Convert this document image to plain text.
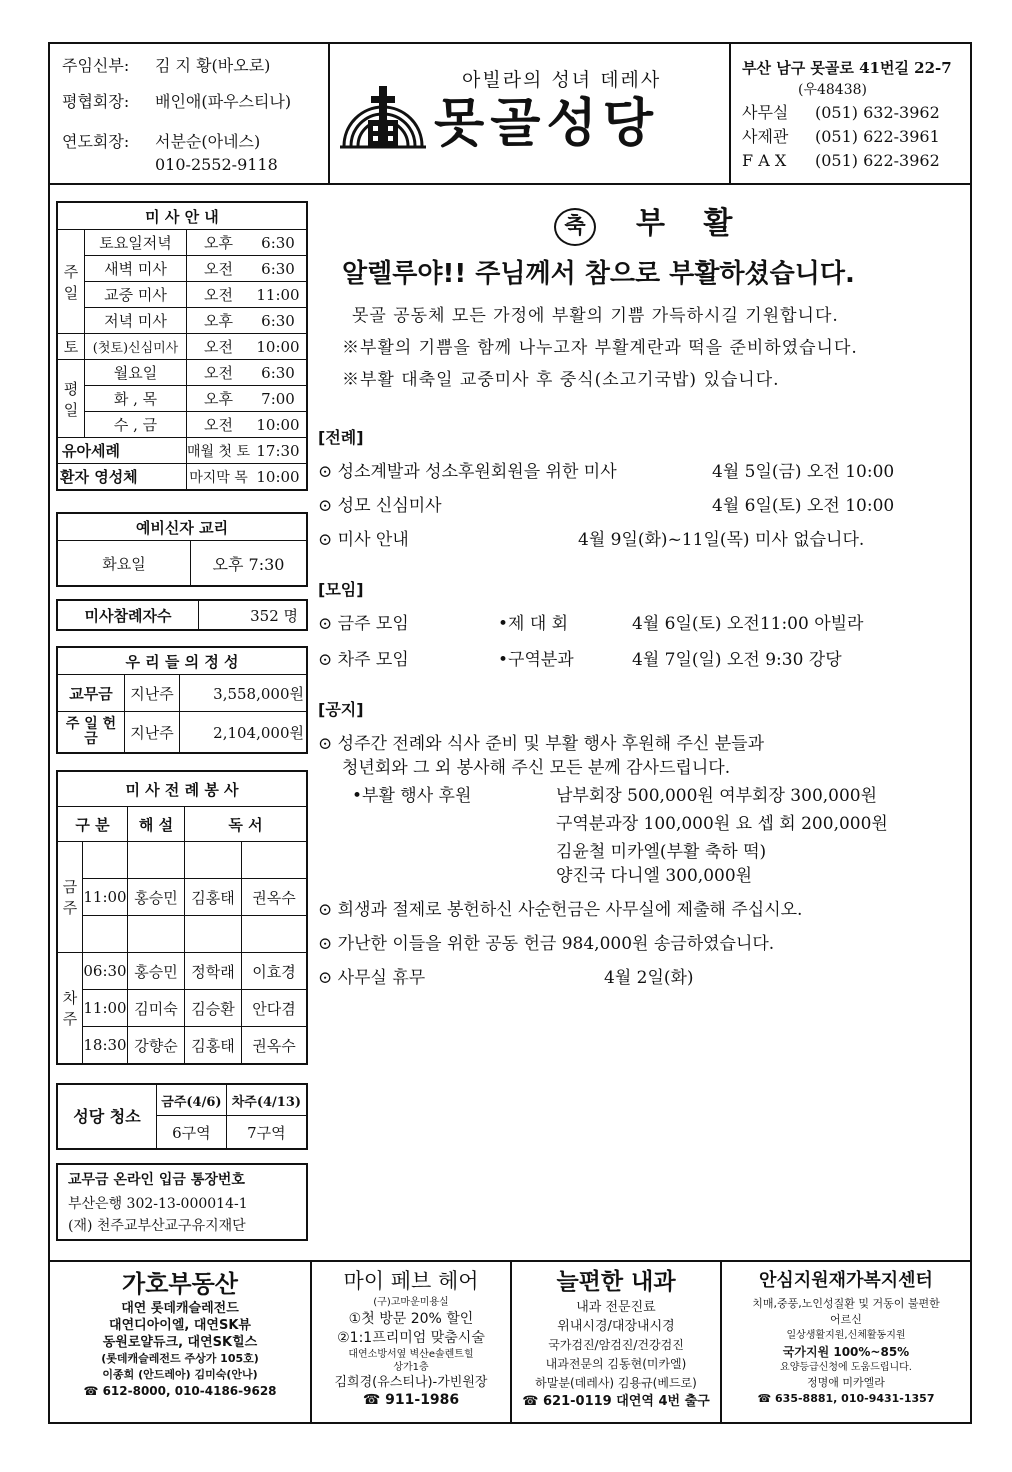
주임신부: 김 지 황(바오로)
평협회장: 배인애(파우스티나)
연도회장: 서분순(아네스)
010-2552-9118
아빌라의 성녀 데레사
못골성당
부산 남구 못골로 41번길 22-7
(우48438)
사무실 (051) 632-3962
사제관 (051) 622-3961
F A X (051) 622-3962
미 사 안 내			
주일	토요일저녁	오후	6:30
	새벽 미사	오전	6:30
	교중 미사	오전	11:00
	저녁 미사	오후	6:30
토	(첫토)신심미사	오전	10:00
평일	월요일	오전	6:30
	화 , 목	오후	7:00
	수 , 금	오전	10:00
유아세례		매월 첫 토	17:30
환자 영성체		마지막 목	10:00
예비신자 교리
화요일	오후 7:30
미사참례자수	352 명
우 리 들 의 정 성		
교무금	지난주	3,558,000원
주 일 헌 금	지난주	2,104,000원
미 사 전 례 봉 사				
구 분		해 설	독 서	
금주				
	11:00	홍승민	김홍태	권옥수

차주	06:30	홍승민	정학래	이효경
	11:00	김미숙	김승환	안다겸
	18:30	강향순	김홍태	권옥수
성당 청소	금주(4/6)	차주(4/13)
	6구역	7구역
교무금 온라인 입금 통장번호
부산은행 302-13-000014-1
(재) 천주교부산교구유지재단
축	부 활
알렐루야!! 주님께서 참으로 부활하셨습니다.
못골 공동체 모든 가정에 부활의 기쁨 가득하시길 기원합니다.
※부활의 기쁨을 함께 나누고자 부활계란과 떡을 준비하였습니다.
※부활 대축일 교중미사 후 중식(소고기국밥) 있습니다.
[전례]
⊙ 성소계발과 성소후원회원을 위한 미사	4월 5일(금) 오전 10:00
⊙ 성모 신심미사	4월 6일(토) 오전 10:00
⊙ 미사 안내	4월 9일(화)~11일(목) 미사 없습니다.
[모임]
⊙ 금주 모임	•제 대 회	4월 6일(토) 오전11:00 아빌라
⊙ 차주 모임	•구역분과	4월 7일(일) 오전 9:30 강당
[공지]
⊙ 성주간 전례와 식사 준비 및 부활 행사 후원해 주신 분들과
청년회와 그 외 봉사해 주신 모든 분께 감사드립니다.
•부활 행사 후원	남부회장 500,000원 여부회장 300,000원
구역분과장 100,000원 요 셉 회 200,000원
김윤철 미카엘(부활 축하 떡)
양진국 다니엘 300,000원
⊙ 희생과 절제로 봉헌하신 사순헌금은 사무실에 제출해 주십시오.
⊙ 가난한 이들을 위한 공동 헌금 984,000원 송금하였습니다.
⊙ 사무실 휴무	4월 2일(화)
가호부동산
대연 롯데캐슬레전드
대연디아이엘, 대연SK뷰
동원로얄듀크, 대연SK힐스
(롯데캐슬레전드 주상가 105호)
이종희 (안드레아) 김미숙(안나)
☎ 612-8000, 010-4186-9628
마이 페브 헤어
(구)고마운미용실
①첫 방문 20% 할인
②1:1프리미엄 맞춤시술
대연소방서옆 벽산e솔렌트힐
상가1층
김희경(유스티나)-가빈원장
☎ 911-1986
늘편한 내과
내과 전문진료
위내시경/대장내시경
국가검진/암검진/건강검진
내과전문의 김동현(미카엘)
하말분(데레사) 김용규(베드로)
☎ 621-0119 대연역 4번 출구
안심지원재가복지센터
치매,중풍,노인성질환 및 거동이 불편한
어르신
일상생활지원,신체활동지원
국가지원 100%~85%
요양등급신청에 도움드립니다.
정명애 미카엘라
☎ 635-8881, 010-9431-1357
